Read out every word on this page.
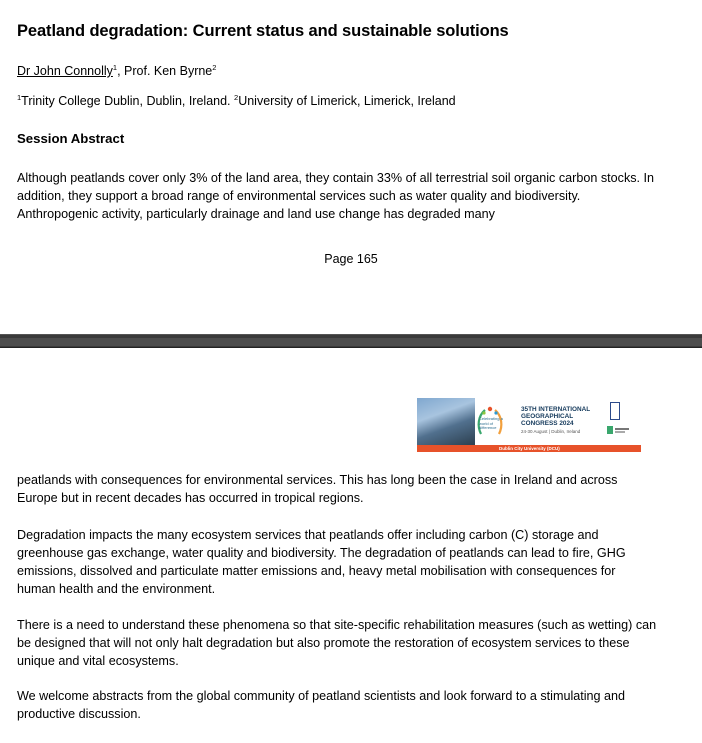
Peatland degradation: Current status and sustainable solutions
Dr John Connolly$^1$, Prof. Ken Byrne$^2$
$^1$Trinity College Dublin, Dublin, Ireland. $^2$University of Limerick, Limerick, Ireland
Session Abstract

Although peatlands cover only 3% of the land area, they contain 33% of all terrestrial soil organic carbon stocks. In addition, they support a broad range of environmental services such as water quality and biodiversity. Anthropogenic activity, particularly drainage and land use change has degraded many

Page 165
Celebrating a world of difference
35TH INTERNATIONAL GEOGRAPHICAL CONGRESS 2024
24-30 August | Dublin, Ireland
Dublin City University (DCU)

peatlands with consequences for environmental services. This has long been the case in Ireland and across Europe but in recent decades has occurred in tropical regions.

Degradation impacts the many ecosystem services that peatlands offer including carbon (C) storage and greenhouse gas exchange, water quality and biodiversity. The degradation of peatlands can lead to fire, GHG emissions, dissolved and particulate matter emissions and, heavy metal mobilisation with consequences for human health and the environment.

There is a need to understand these phenomena so that site-specific rehabilitation measures (such as wetting) can be designed that will not only halt degradation but also promote the restoration of ecosystem services to these unique and vital ecosystems.

We welcome abstracts from the global community of peatland scientists and look forward to a stimulating and productive discussion.
